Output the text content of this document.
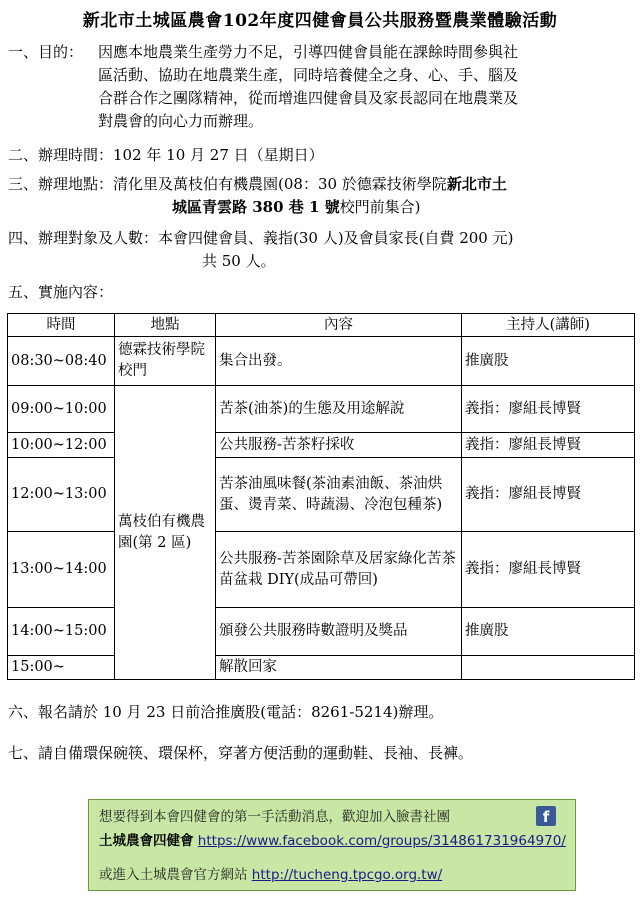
新北市土城區農會102年度四健會員公共服務暨農業體驗活動
一、目的： 因應本地農業生產勞力不足，引導四健會員能在課餘時間參與社
區活動、協助在地農業生產，同時培養健全之身、心、手、腦及
合群合作之團隊精神，從而增進四健會員及家長認同在地農業及
對農會的向心力而辦理。
二、辦理時間：102 年 10 月 27 日（星期日）
三、辦理地點：清化里及萬枝伯有機農園(08：30 於德霖技術學院新北市土
城區青雲路 380 巷 1 號校門前集合)
四、辦理對象及人數：本會四健會員、義指(30 人)及會員家長(自費 200 元)
共 50 人。
五、實施內容：
時間	地點	內容	主持人(講師)
08:30~08:40	德霖技術學院校門	集合出發。	推廣股
09:00~10:00	萬枝伯有機農園(第 2 區)	苦茶(油茶)的生態及用途解說	義指：廖組長博賢
10:00~12:00		公共服務-苦茶籽採收	義指：廖組長博賢
12:00~13:00		苦茶油風味餐(茶油素油飯、茶油烘蛋、燙青菜、時蔬湯、冷泡包種茶)	義指：廖組長博賢
13:00~14:00		公共服務-苦茶園除草及居家綠化苦茶苗盆栽 DIY(成品可帶回)	義指：廖組長博賢
14:00~15:00		頒發公共服務時數證明及獎品	推廣股
15:00~		解散回家	
六、報名請於 10 月 23 日前洽推廣股(電話：8261-5214)辦理。
七、請自備環保碗筷、環保杯，穿著方便活動的運動鞋、長袖、長褲。
想要得到本會四健會的第一手活動消息，歡迎加入臉書社團	f
土城農會四健會 https://www.facebook.com/groups/314861731964970/
或進入土城農會官方網站 http://tucheng.tpcgo.org.tw/
